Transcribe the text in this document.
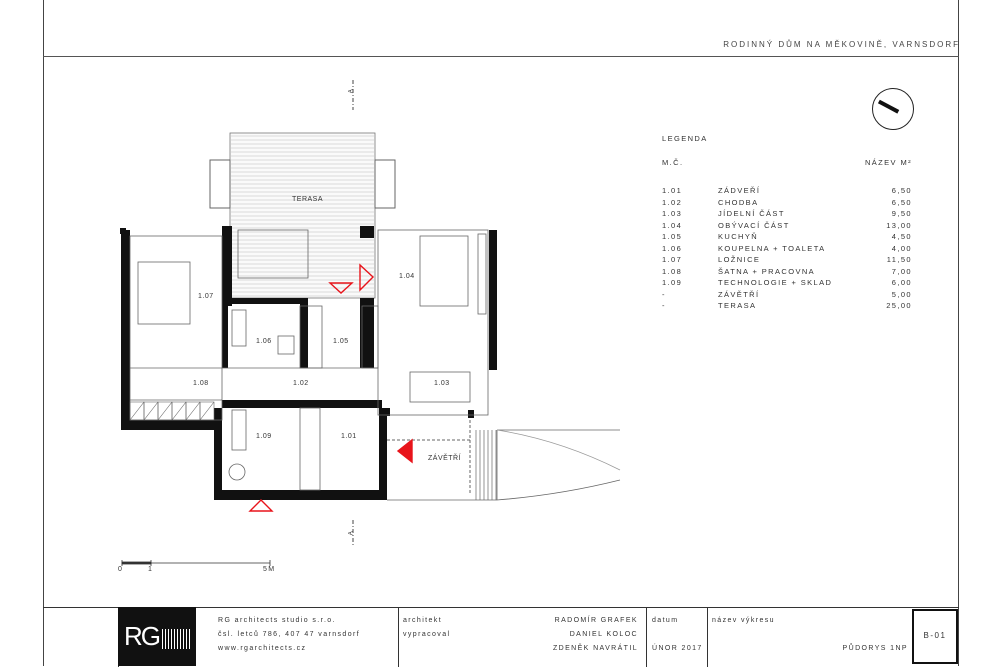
RODINNÝ DŮM NA MĚKOVINĚ, VARNSDORF
TERASA
1.07
1.04
1.06	1.05
1.08	1.02	1.03
1.09	1.01
ZÁVĚTŘÍ
A
A
0	1	5M
LEGENDA
M.Č.	NÁZEV M²
1.01	ZÁDVEŘÍ	6,50
1.02	CHODBA	6,50
1.03	JÍDELNÍ ČÁST	9,50
1.04	OBÝVACÍ ČÁST	13,00
1.05	KUCHYŇ	4,50
1.06	KOUPELNA + TOALETA	4,00
1.07	LOŽNICE	11,50
1.08	ŠATNA + PRACOVNA	7,00
1.09	TECHNOLOGIE + SKLAD	6,00
-	ZÁVĚTŘÍ	5,00
-	TERASA	25,00
RG
RG architects studio s.r.o.
čsl. letců 786, 407 47 varnsdorf
www.rgarchitects.cz
architekt
vypracoval
RADOMÍR GRAFEK
DANIEL KOLOC
ZDENĚK NAVRÁTIL
datum
ÚNOR 2017
název výkresu
PŮDORYS 1NP
B-01
